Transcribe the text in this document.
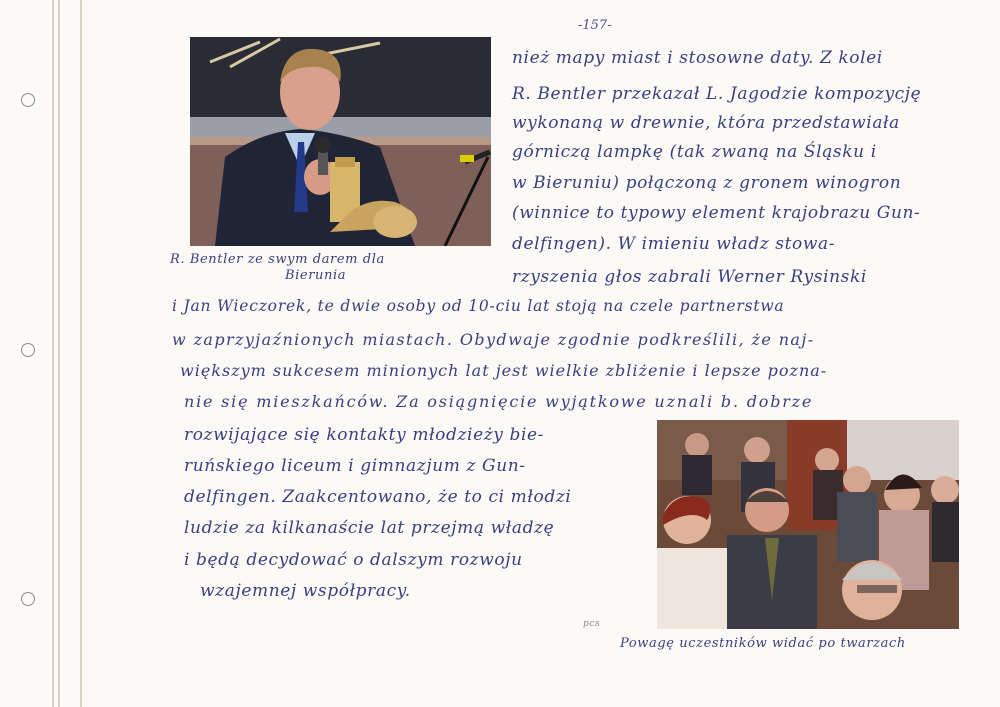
-157-
R. Bentler ze swym darem dla
Bierunia
Powagę uczestników widać po twarzach
pcs
nież mapy miast i stosowne daty. Z kolei
R. Bentler przekazał L. Jagodzie kompozycję
wykonaną w drewnie, która przedstawiała
górniczą lampkę (tak zwaną na Śląsku i
w Bieruniu) połączoną z gronem winogron
(winnice to typowy element krajobrazu Gun-
delfingen). W imieniu władz stowa-
rzyszenia głos zabrali Werner Rysinski
i Jan Wieczorek, te dwie osoby od 10-ciu lat stoją na czele partnerstwa
w zaprzyjaźnionych miastach. Obydwaje zgodnie podkreślili, że naj-
większym sukcesem minionych lat jest wielkie zbliżenie i lepsze pozna-
nie się mieszkańców. Za osiągnięcie wyjątkowe uznali b. dobrze
rozwijające się kontakty młodzieży bie-
ruńskiego liceum i gimnazjum z Gun-
delfingen. Zaakcentowano, że to ci młodzi
ludzie za kilkanaście lat przejmą władzę
i będą decydować o dalszym rozwoju
wzajemnej współpracy.
